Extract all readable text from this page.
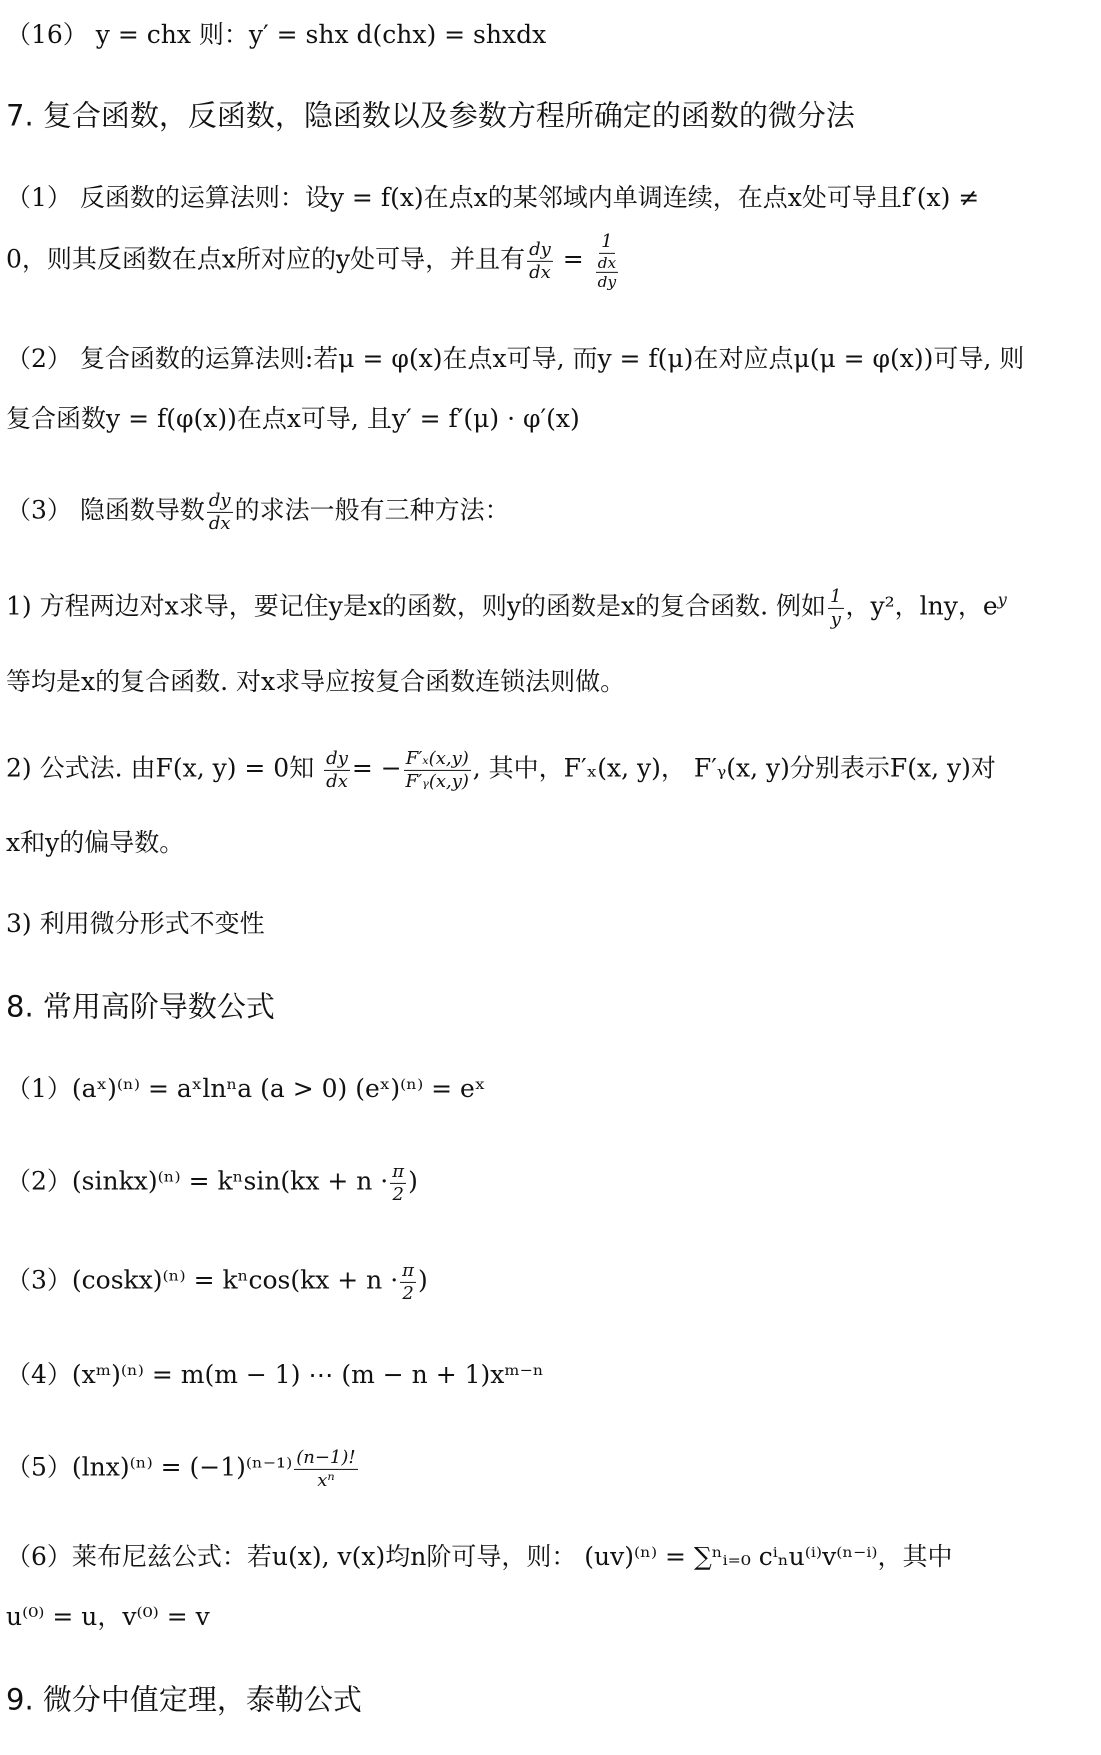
（16） y = chx 则：y′ = shx d(chx) = shxdx
7. 复合函数，反函数，隐函数以及参数方程所确定的函数的微分法
（1） 反函数的运算法则：设y = f(x)在点x的某邻域内单调连续，在点x处可导且f′(x) ≠
0，则其反函数在点x所对应的y处可导，并且有 $\frac{dy}{dx} = \frac{1}{\frac{dx}{dy}}$
（2） 复合函数的运算法则:若μ = φ(x)在点x可导, 而y = f(μ)在对应点μ(μ = φ(x))可导, 则
复合函数y = f(φ(x))在点x可导, 且y′ = f′(μ) · φ′(x)
（3） 隐函数导数 $\frac{dy}{dx}$ 的求法一般有三种方法：
1) 方程两边对x求导，要记住y是x的函数，则y的函数是x的复合函数. 例如 $\frac{1}{y}$ ，y²，lny，$e^y$
等均是x的复合函数. 对x求导应按复合函数连锁法则做。
2) 公式法. 由F(x, y) = 0知 $\frac{dy}{dx}$ = − $\frac{\text{F′ₓ(x,y)}}{\text{F′ᵧ(x,y)}}$ , 其中，F′ₓ(x, y)， F′ᵧ(x, y)分别表示F(x, y)对
x和y的偏导数。
3) 利用微分形式不变性
8. 常用高阶导数公式
（1）(aˣ)⁽ⁿ⁾ = aˣlnⁿa (a > 0) (eˣ)⁽ⁿ⁾ = eˣ
（2）(sinkx)⁽ⁿ⁾ = $k^n\sin(kx + n \cdot \frac{\pi}{2}$ )
（3）(coskx)⁽ⁿ⁾ = $k^n\cos(kx + n \cdot \frac{\pi}{2}$ )
（4）(xᵐ)⁽ⁿ⁾ = m(m − 1) ⋯ (m − n + 1)xᵐ⁻ⁿ
$(5)(\ln x)^{(n)} = (-1)^{(n-1)} \frac{(n-1)!}{\text{xⁿ}}$
（6）莱布尼兹公式：若u(x), v(x)均n阶可导，则： (uv)⁽ⁿ⁾ = ∑ⁿᵢ₌₀ cⁱₙu⁽ⁱ⁾v⁽ⁿ⁻ⁱ⁾，其中
u⁽⁰⁾ = u，v⁽⁰⁾ = v
9. 微分中值定理，泰勒公式
